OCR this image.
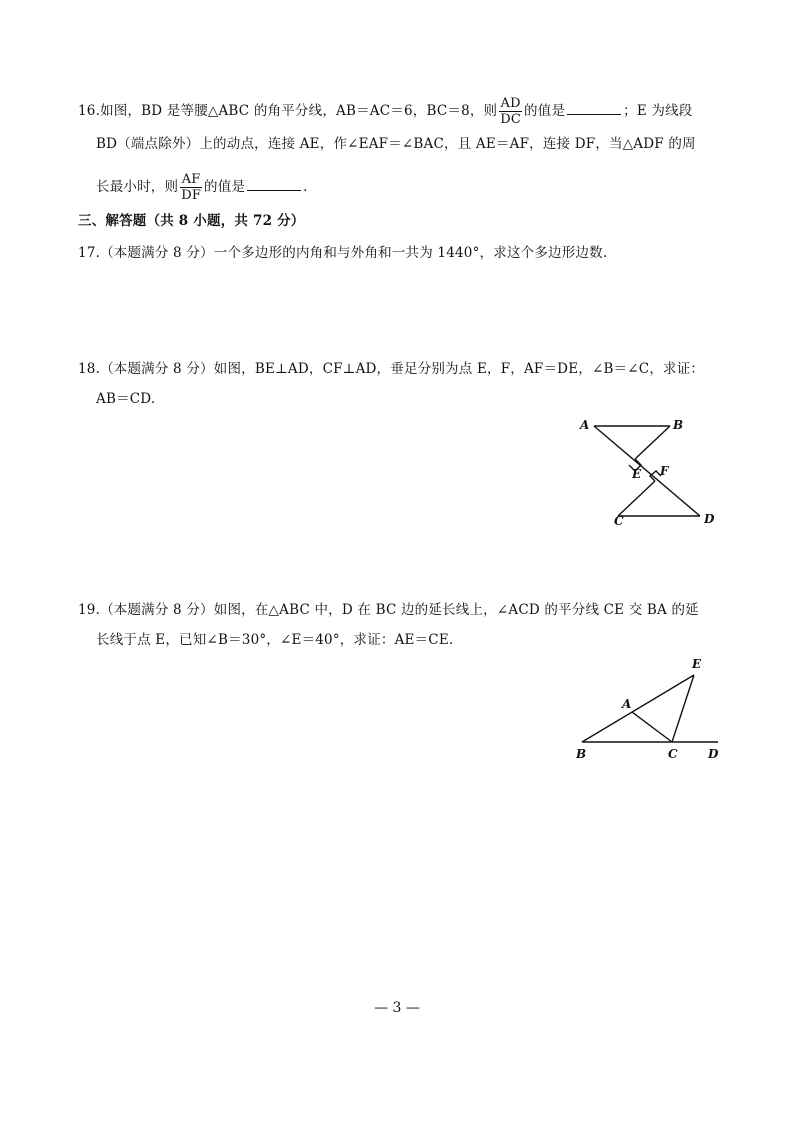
16.如图，BD 是等腰△ABC 的角平分线，AB＝AC＝6，BC＝8，则 $\frac{AD}{DC}$ 的值是	；E 为线段
BD（端点除外）上的动点，连接 AE，作∠EAF＝∠BAC，且 AE＝AF，连接 DF，当△ADF 的周
长最小时，则 $\frac{AF}{DF}$ 的值是	.
三、解答题（共 8 小题，共 72 分）
17.（本题满分 8 分）一个多边形的内角和与外角和一共为 1440°，求这个多边形边数.
18.（本题满分 8 分）如图，BE⊥AD，CF⊥AD，垂足分别为点 E，F，AF＝DE，∠B＝∠C，求证：
AB＝CD.
A	B
E F
C	D
19.（本题满分 8 分）如图，在△ABC 中，D 在 BC 边的延长线上，∠ACD 的平分线 CE 交 BA 的延
长线于点 E，已知∠B＝30°，∠E＝40°，求证：AE＝CE.
E
A
B	C	D
— 3 —
